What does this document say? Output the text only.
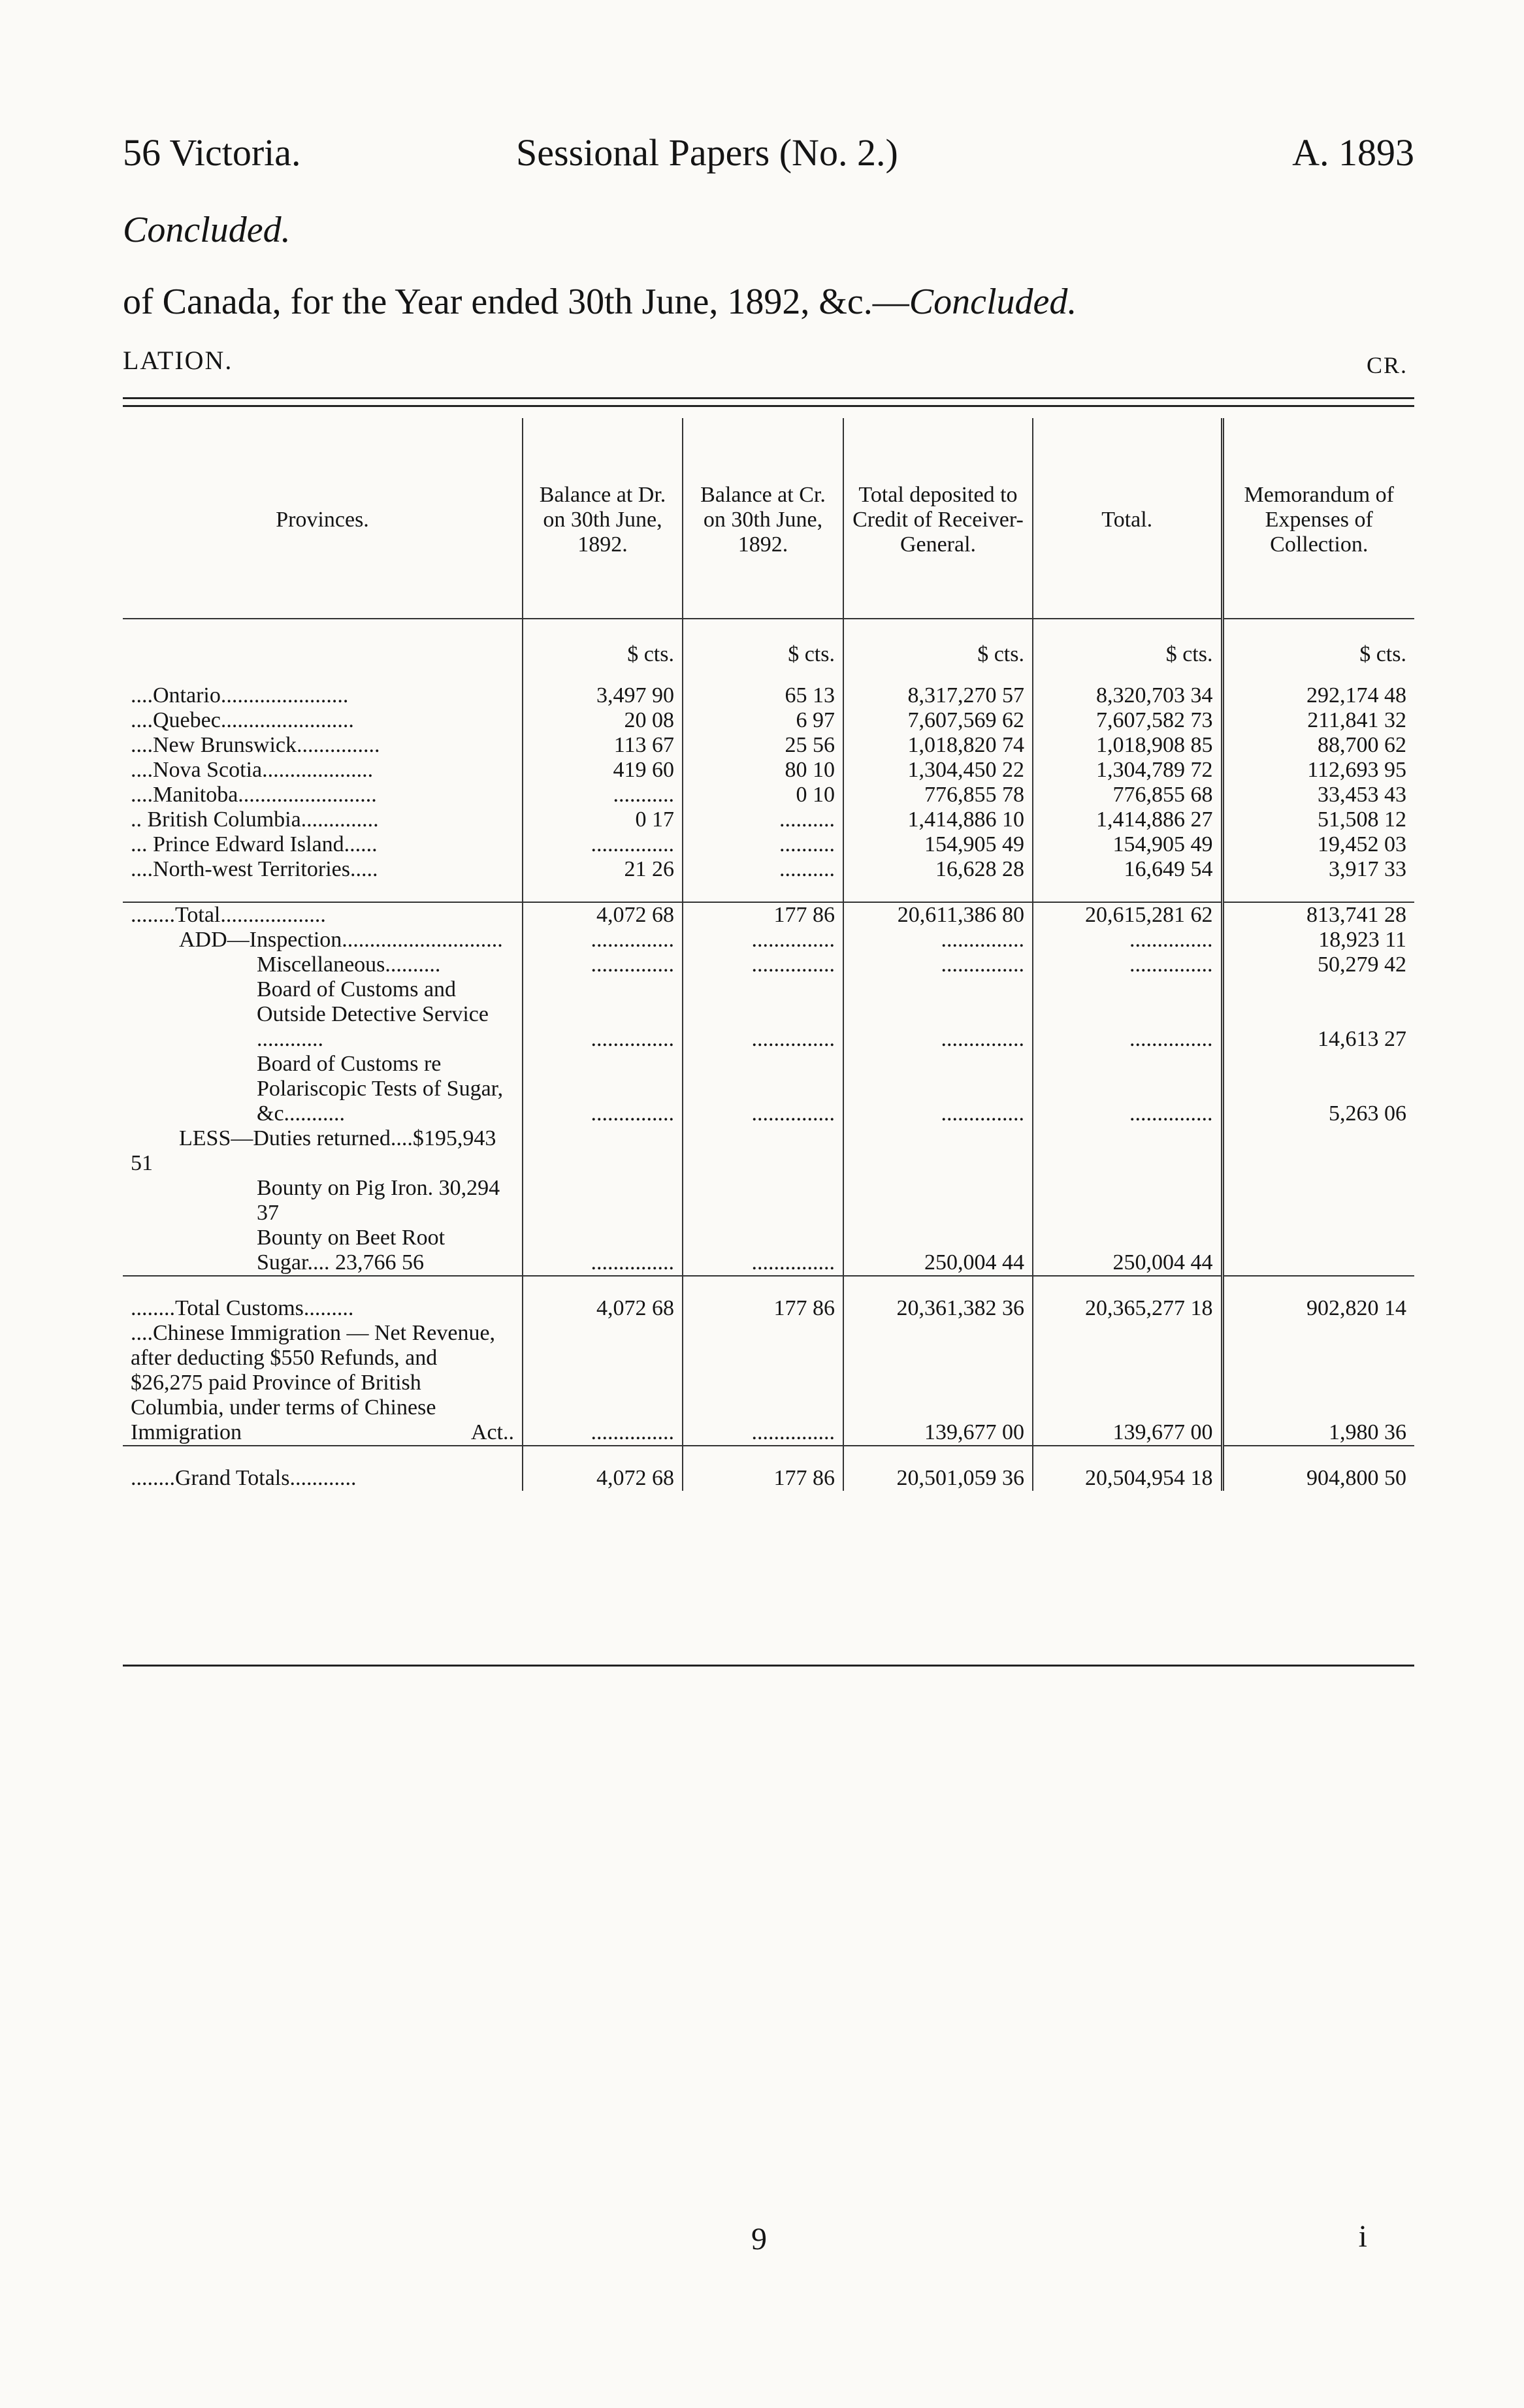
56 Victoria.	Sessional Papers (No. 2.)	A. 1893
Concluded.
of Canada, for the Year ended 30th June, 1892, &c.—Concluded.
LATION.	CR.
Provinces.	Balance at Dr. on 30th June, 1892.	Balance at Cr. on 30th June, 1892.	Total deposited to Credit of Receiver-General.	Total.	Memorandum of Expenses of Collection.
	$ cts.	$ cts.	$ cts.	$ cts.	$ cts.
....Ontario.......................	3,497 90	65 13	8,317,270 57	8,320,703 34	292,174 48
....Quebec........................	20 08	6 97	7,607,569 62	7,607,582 73	211,841 32
....New Brunswick...............	113 67	25 56	1,018,820 74	1,018,908 85	88,700 62
....Nova Scotia....................	419 60	80 10	1,304,450 22	1,304,789 72	112,693 95
....Manitoba.........................	...........	0 10	776,855 78	776,855 68	33,453 43
.. British Columbia..............	0 17	..........	1,414,886 10	1,414,886 27	51,508 12
... Prince Edward Island......	...............	..........	154,905 49	154,905 49	19,452 03
....North-west Territories.....	21 26	..........	16,628 28	16,649 54	3,917 33

........Total...................	4,072 68	177 86	20,611,386 80	20,615,281 62	813,741 28
ADD—Inspection.............................	...............	...............	...............	...............	18,923 11
Miscellaneous..........	...............	...............	...............	...............	50,279 42
Board of Customs and Outside Detective Service ............	...............	...............	...............	...............	14,613 27
Board of Customs re Polariscopic Tests of Sugar, &c...........	...............	...............	...............	...............	5,263 06
LESS—Duties returned....$195,943 51
Bounty on Pig Iron. 30,294 37
Bounty on Beet Root Sugar.... 23,766 56	...............	...............	250,004 44	250,004 44	

........Total Customs.........	4,072 68	177 86	20,361,382 36	20,365,277 18	902,820 14
....Chinese Immigration — Net Revenue, after deducting $550 Refunds, and $26,275 paid Province of British Columbia, under terms of Chinese Immigration Act..	...............	...............	139,677 00	139,677 00	1,980 36

........Grand Totals............	4,072 68	177 86	20,501,059 36	20,504,954 18	904,800 50
9	i
